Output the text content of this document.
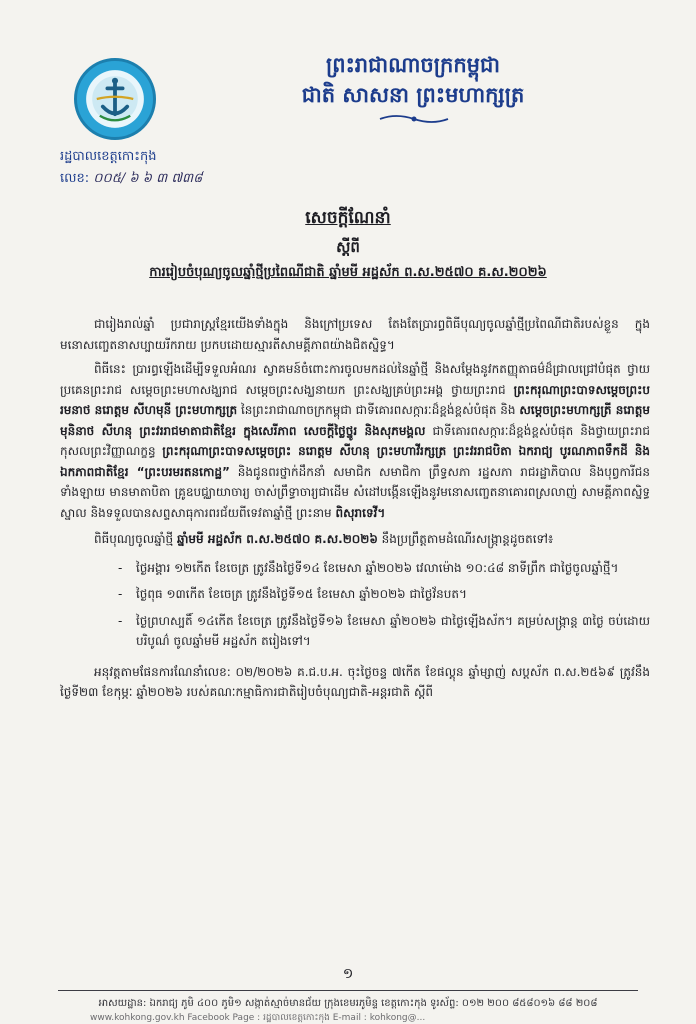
ព្រះរាជាណាចក្រកម្ពុជា
ជាតិ សាសនា ព្រះមហាក្សត្រ
រដ្ឋបាលខេត្តកោះកុង
លេខ: ០០៥/ ៦ ៦ ៣ ៧៣៨
សេចក្តីណែនាំ
ស្តីពី
ការរៀបចំបុណ្យចូលឆ្នាំថ្មីប្រពៃណីជាតិ ឆ្នាំមមី អដ្ឋស័ក ព.ស.២៥៧០ គ.ស.២០២៦

ជារៀងរាល់ឆ្នាំ ប្រជារាស្ត្រខ្មែរយើងទាំងក្នុង និងក្រៅប្រទេស តែងតែប្រារព្ធពិធីបុណ្យចូលឆ្នាំថ្មីប្រពៃណីជាតិរបស់ខ្លួន ក្នុងមនោសញ្ចេតនាសប្បាយរីករាយ ប្រកបដោយស្មារតីសាមគ្គីភាពយ៉ាងជិតស្និទ្ធ។

ពិធីនេះ ប្រារព្ធឡើងដើម្បីទទួលអំណរ ស្វាគមន៍ចំពោះការចូលមកដល់នៃឆ្នាំថ្មី និងសម្ដែងនូវកតញ្ញុតាធម៌ដ៏ជ្រាលជ្រៅបំផុត ថ្វាយ ប្រគេនព្រះរាជ សម្ដេចព្រះមហាសង្ឃរាជ សម្ដេចព្រះសង្ឃនាយក ព្រះសង្ឃគ្រប់ព្រះអង្គ ថ្វាយព្រះរាជ ព្រះករុណាព្រះបាទសម្ដេចព្រះបរមនាថ នរោត្តម សីហមុនី ព្រះមហាក្សត្រ នៃព្រះរាជាណាចក្រកម្ពុជា ជាទីគោរពសក្ការៈដ៏ខ្ពង់ខ្ពស់បំផុត និង សម្ដេចព្រះមហាក្សត្រី នរោត្តម មុនិនាថ សីហនុ ព្រះវររាជមាតាជាតិខ្មែរ ក្នុងសេរីភាព សេចក្ដីថ្លៃថ្នូរ និងសុភមង្គល ជាទីគោរពសក្ការៈដ៏ខ្ពង់ខ្ពស់បំផុត និងថ្វាយព្រះរាជកុសលព្រះវិញ្ញាណក្ខន្ធ ព្រះករុណាព្រះបាទសម្ដេចព្រះ នរោត្តម សីហនុ ព្រះមហាវីរក្សត្រ ព្រះវររាជបិតា ឯករាជ្យ បូរណភាពទឹកដី និងឯកភាពជាតិខ្មែរ “ព្រះបរមរតនកោដ្ឋ” និងជូនពរថ្នាក់ដឹកនាំ សមាជិក សមាជិកា ព្រឹទ្ធសភា រដ្ឋសភា រាជរដ្ឋាភិបាល និងបុព្វការីជនទាំងឡាយ មានមាតាបិតា គ្រូឧបជ្ឈាយាចារ្យ ចាស់ព្រឹទ្ធាចារ្យជាដើម សំដៅបង្កើនឡើងនូវមនោសញ្ចេតនាគោរពស្រលាញ់ សាមគ្គីភាពស្និទ្ធស្នាល និងទទួលបានសព្ទសាធុការពរជ័យពីទេវតាឆ្នាំថ្មី ព្រះនាម ពិសុរាទេវី។

ពិធីបុណ្យចូលឆ្នាំថ្មី ឆ្នាំមមី អដ្ឋស័ក ព.ស.២៥៧០ គ.ស.២០២៦ នឹងប្រព្រឹត្តតាមដំណើរសង្ក្រាន្តដូចតទៅ៖

- ថ្ងៃអង្គារ ១២កើត ខែចេត្រ ត្រូវនឹងថ្ងៃទី១៤ ខែមេសា ឆ្នាំ២០២៦ វេលាម៉ោង ១០:៤៨ នាទីព្រឹក ជាថ្ងៃចូលឆ្នាំថ្មី។
- ថ្ងៃពុធ ១៣កើត ខែចេត្រ ត្រូវនឹងថ្ងៃទី១៥ ខែមេសា ឆ្នាំ២០២៦ ជាថ្ងៃវ័នបត។
- ថ្ងៃព្រហស្បតិ៍ ១៤កើត ខែចេត្រ ត្រូវនឹងថ្ងៃទី១៦ ខែមេសា ឆ្នាំ២០២៦ ជាថ្ងៃឡើងស័ក។ គម្រប់សង្ក្រាន្ត ៣ថ្ងៃ ចប់ដោយបរិបូណ៌ ចូលឆ្នាំមមី អដ្ឋស័ក តរៀងទៅ។

អនុវត្តតាមផែនការណែនាំលេខ: ០២/២០២៦ គ.ជ.ប.អ. ចុះថ្ងៃចន្ទ ៧កើត ខែផល្គុន ឆ្នាំម្សាញ់ សប្តស័ក ព.ស.២៥៦៩ ត្រូវនឹងថ្ងៃទី២៣ ខែកុម្ភៈ ឆ្នាំ២០២៦ របស់គណៈកម្មាធិការជាតិរៀបចំបុណ្យជាតិ-អន្តរជាតិ ស្តីពី

១
អាសយដ្ឋាន: ឯករាជ្យ ភូមិ ៤០០ ភូមិ១ សង្កាត់ស្មាច់មានជ័យ ក្រុងខេមរភូមិន្ទ ខេត្តកោះកុង ទូរស័ព្ទ: ០១២ ២០០ ៨៥៨០១៦ ៨៨ ២០៨
www.kohkong.gov.kh Facebook Page : រដ្ឋបាលខេត្តកោះកុង E-mail : kohkong@...
